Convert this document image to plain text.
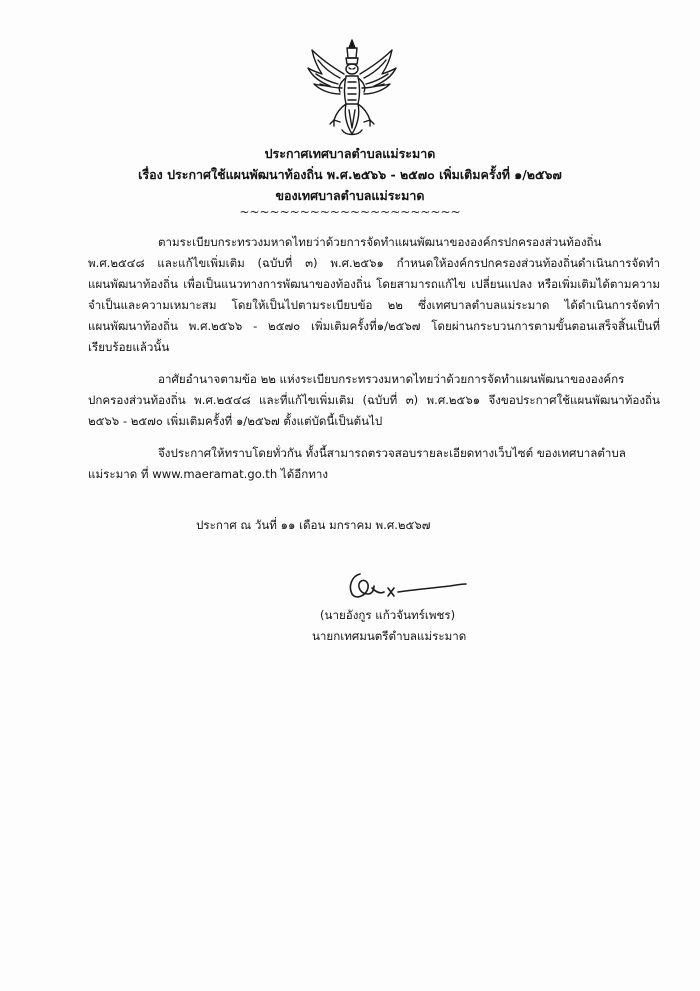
ประกาศเทศบาลตำบลแม่ระมาด
เรื่อง ประกาศใช้แผนพัฒนาท้องถิ่น พ.ศ.๒๕๖๖ - ๒๕๗๐ เพิ่มเติมครั้งที่ ๑/๒๕๖๗
ของเทศบาลตำบลแม่ระมาด
~~~~~~~~~~~~~~~~~~~~~~
ตามระเบียบกระทรวงมหาดไทยว่าด้วยการจัดทำแผนพัฒนาขององค์กรปกครองส่วนท้องถิ่น
พ.ศ.๒๕๔๘ และแก้ไขเพิ่มเติม (ฉบับที่ ๓) พ.ศ.๒๕๖๑ กำหนดให้องค์กรปกครองส่วนท้องถิ่นดำเนินการจัดทำ
แผนพัฒนาท้องถิ่น เพื่อเป็นแนวทางการพัฒนาของท้องถิ่น โดยสามารถแก้ไข เปลี่ยนแปลง หรือเพิ่มเติมได้ตามความ
จำเป็นและความเหมาะสม โดยให้เป็นไปตามระเบียบข้อ ๒๒ ซึ่งเทศบาลตำบลแม่ระมาด ได้ดำเนินการจัดทำ
แผนพัฒนาท้องถิ่น พ.ศ.๒๕๖๖ - ๒๕๗๐ เพิ่มเติมครั้งที่๑/๒๕๖๗ โดยผ่านกระบวนการตามขั้นตอนเสร็จสิ้นเป็นที่
เรียบร้อยแล้วนั้น
อาศัยอำนาจตามข้อ ๒๒ แห่งระเบียบกระทรวงมหาดไทยว่าด้วยการจัดทำแผนพัฒนาขององค์กร
ปกครองส่วนท้องถิ่น พ.ศ.๒๕๔๘ และที่แก้ไขเพิ่มเติม (ฉบับที่ ๓) พ.ศ.๒๕๖๑ จึงขอประกาศใช้แผนพัฒนาท้องถิ่น
๒๕๖๖ - ๒๕๗๐ เพิ่มเติมครั้งที่ ๑/๒๕๖๗ ตั้งแต่บัดนี้เป็นต้นไป
จึงประกาศให้ทราบโดยทั่วกัน ทั้งนี้สามารถตรวจสอบรายละเอียดทางเว็บไซต์ ของเทศบาลตำบล
แม่ระมาด ที่ www.maeramat.go.th ได้อีกทาง
ประกาศ ณ วันที่ ๑๑ เดือน มกราคม พ.ศ.๒๕๖๗
(นายอังกูร แก้วจันทร์เพชร)
นายกเทศมนตรีตำบลแม่ระมาด
